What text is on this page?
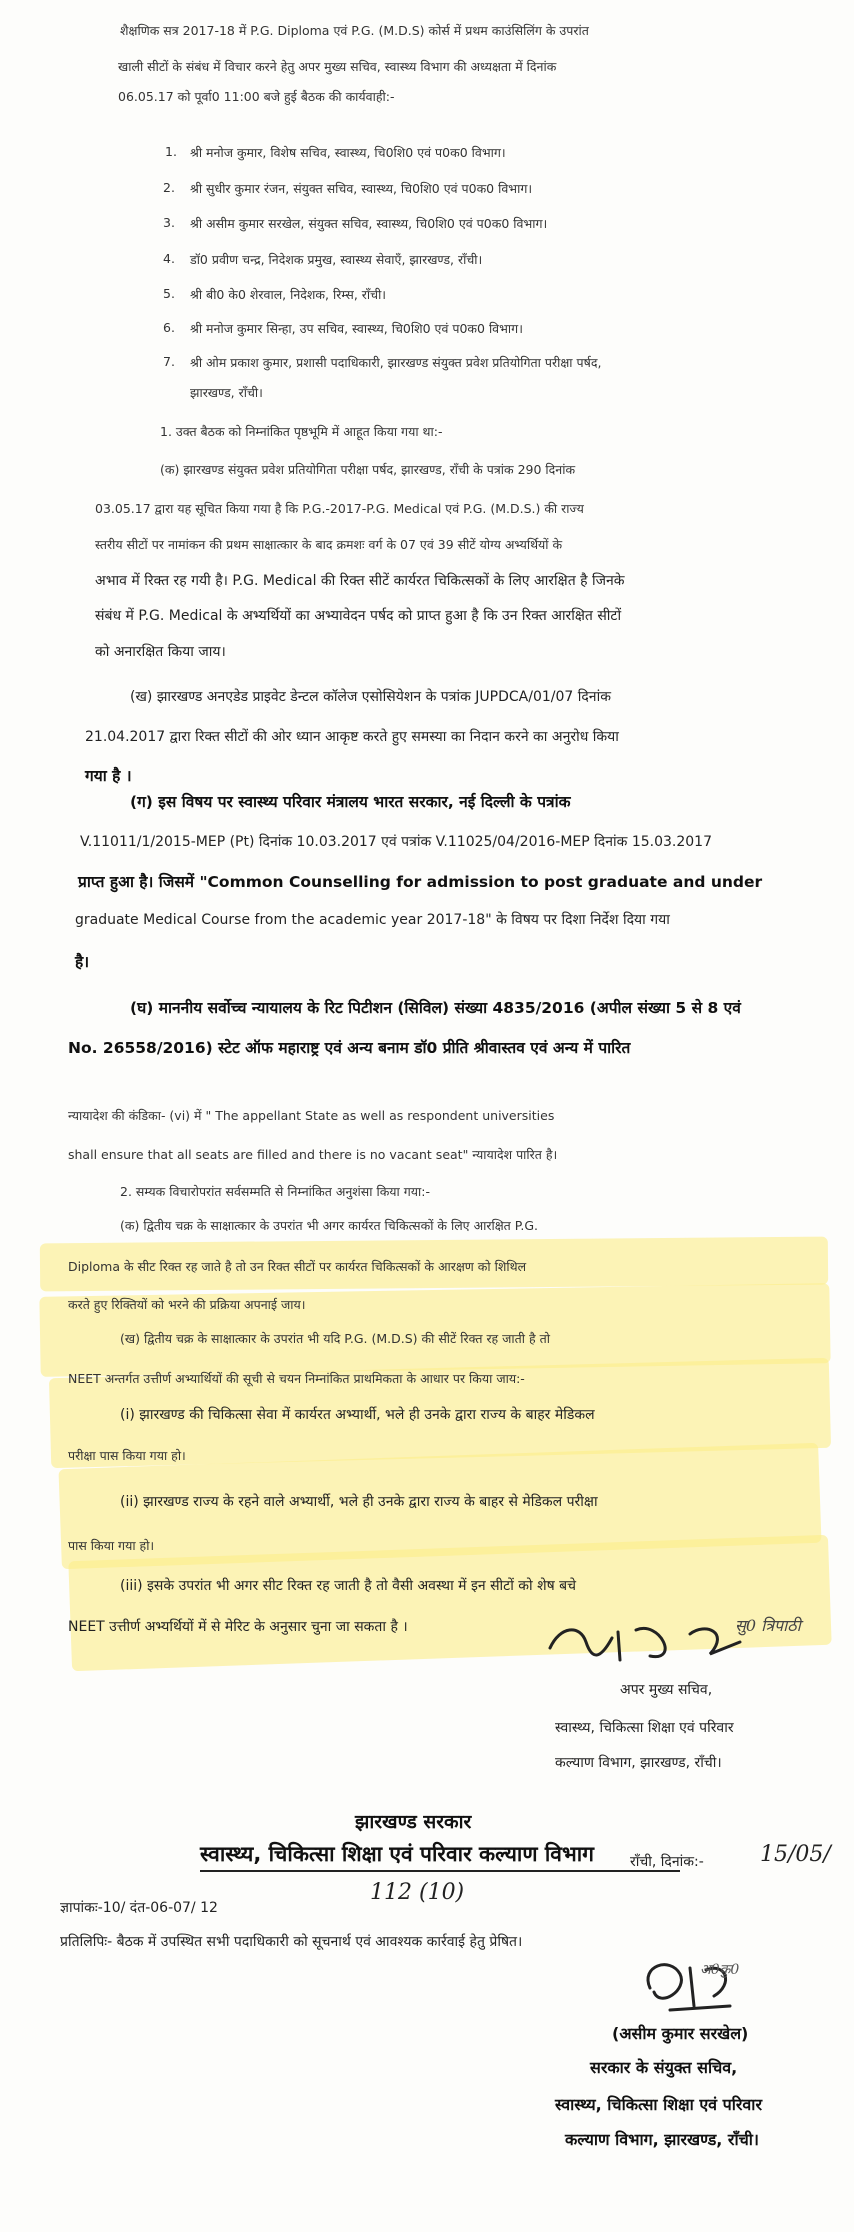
शैक्षणिक सत्र 2017-18 में P.G. Diploma एवं P.G. (M.D.S) कोर्स में प्रथम काउंसिलिंग के उपरांत
खाली सीटों के संबंध में विचार करने हेतु अपर मुख्य सचिव, स्वास्थ्य विभाग की अध्यक्षता में दिनांक
06.05.17 को पूर्वा0 11:00 बजे हुई बैठक की कार्यवाही:-
1. श्री मनोज कुमार, विशेष सचिव, स्वास्थ्य, चि0शि0 एवं प0क0 विभाग।
2. श्री सुधीर कुमार रंजन, संयुक्त सचिव, स्वास्थ्य, चि0शि0 एवं प0क0 विभाग।
3. श्री असीम कुमार सरखेल, संयुक्त सचिव, स्वास्थ्य, चि0शि0 एवं प0क0 विभाग।
4. डॉ0 प्रवीण चन्द्र, निदेशक प्रमुख, स्वास्थ्य सेवाएँ, झारखण्ड, राँची।
5. श्री बी0 के0 शेरवाल, निदेशक, रिम्स, राँची।
6. श्री मनोज कुमार सिन्हा, उप सचिव, स्वास्थ्य, चि0शि0 एवं प0क0 विभाग।
7. श्री ओम प्रकाश कुमार, प्रशासी पदाधिकारी, झारखण्ड संयुक्त प्रवेश प्रतियोगिता परीक्षा पर्षद,
झारखण्ड, राँची।
1. उक्त बैठक को निम्नांकित पृष्ठभूमि में आहूत किया गया था:-
(क) झारखण्ड संयुक्त प्रवेश प्रतियोगिता परीक्षा पर्षद, झारखण्ड, राँची के पत्रांक 290 दिनांक
03.05.17 द्वारा यह सूचित किया गया है कि P.G.-2017-P.G. Medical एवं P.G. (M.D.S.) की राज्य
स्तरीय सीटों पर नामांकन की प्रथम साक्षात्कार के बाद क्रमशः वर्ग के 07 एवं 39 सीटें योग्य अभ्यर्थियों के
अभाव में रिक्त रह गयी है। P.G. Medical की रिक्त सीटें कार्यरत चिकित्सकों के लिए आरक्षित है जिनके
संबंध में P.G. Medical के अभ्यर्थियों का अभ्यावेदन पर्षद को प्राप्त हुआ है कि उन रिक्त आरक्षित सीटों
को अनारक्षित किया जाय।
(ख) झारखण्ड अनएडेड प्राइवेट डेन्टल कॉलेज एसोसियेशन के पत्रांक JUPDCA/01/07 दिनांक
21.04.2017 द्वारा रिक्त सीटों की ओर ध्यान आकृष्ट करते हुए समस्या का निदान करने का अनुरोध किया
गया है ।
(ग) इस विषय पर स्वास्थ्य परिवार मंत्रालय भारत सरकार, नई दिल्ली के पत्रांक
V.11011/1/2015-MEP (Pt) दिनांक 10.03.2017 एवं पत्रांक V.11025/04/2016-MEP दिनांक 15.03.2017
प्राप्त हुआ है। जिसमें "Common Counselling for admission to post graduate and under
graduate Medical Course from the academic year 2017-18" के विषय पर दिशा निर्देश दिया गया
है।
(घ) माननीय सर्वोच्च न्यायालय के रिट पिटीशन (सिविल) संख्या 4835/2016 (अपील संख्या 5 से 8 एवं
No. 26558/2016) स्टेट ऑफ महाराष्ट्र एवं अन्य बनाम डॉ0 प्रीति श्रीवास्तव एवं अन्य में पारित
न्यायादेश की कंडिका- (vi) में " The appellant State as well as respondent universities
shall ensure that all seats are filled and there is no vacant seat" न्यायादेश पारित है।
2. सम्यक विचारोपरांत सर्वसम्मति से निम्नांकित अनुशंसा किया गया:-
(क) द्वितीय चक्र के साक्षात्कार के उपरांत भी अगर कार्यरत चिकित्सकों के लिए आरक्षित P.G.
Diploma के सीट रिक्त रह जाते है तो उन रिक्त सीटों पर कार्यरत चिकित्सकों के आरक्षण को शिथिल
करते हुए रिक्तियों को भरने की प्रक्रिया अपनाई जाय।
(ख) द्वितीय चक्र के साक्षात्कार के उपरांत भी यदि P.G. (M.D.S) की सीटें रिक्त रह जाती है तो
NEET अन्तर्गत उत्तीर्ण अभ्यार्थियों की सूची से चयन निम्नांकित प्राथमिकता के आधार पर किया जाय:-
(i) झारखण्ड की चिकित्सा सेवा में कार्यरत अभ्यार्थी, भले ही उनके द्वारा राज्य के बाहर मेडिकल
परीक्षा पास किया गया हो।
(ii) झारखण्ड राज्य के रहने वाले अभ्यार्थी, भले ही उनके द्वारा राज्य के बाहर से मेडिकल परीक्षा
पास किया गया हो।
(iii) इसके उपरांत भी अगर सीट रिक्त रह जाती है तो वैसी अवस्था में इन सीटों को शेष बचे
NEET उत्तीर्ण अभ्यर्थियों में से मेरिट के अनुसार चुना जा सकता है ।	सु0 त्रिपाठी
अपर मुख्य सचिव,
स्वास्थ्य, चिकित्सा शिक्षा एवं परिवार
कल्याण विभाग, झारखण्ड, राँची।
झारखण्ड सरकार
स्वास्थ्य, चिकित्सा शिक्षा एवं परिवार कल्याण विभाग	राँची, दिनांक:-	15/05/
ज्ञापांकः-10/ दंत-06-07/ 12
112 (10)
प्रतिलिपिः- बैठक में उपस्थित सभी पदाधिकारी को सूचनार्थ एवं आवश्यक कार्रवाई हेतु प्रेषित।
अ0कु0
(असीम कुमार सरखेल)
सरकार के संयुक्त सचिव,
स्वास्थ्य, चिकित्सा शिक्षा एवं परिवार
कल्याण विभाग, झारखण्ड, राँची।
